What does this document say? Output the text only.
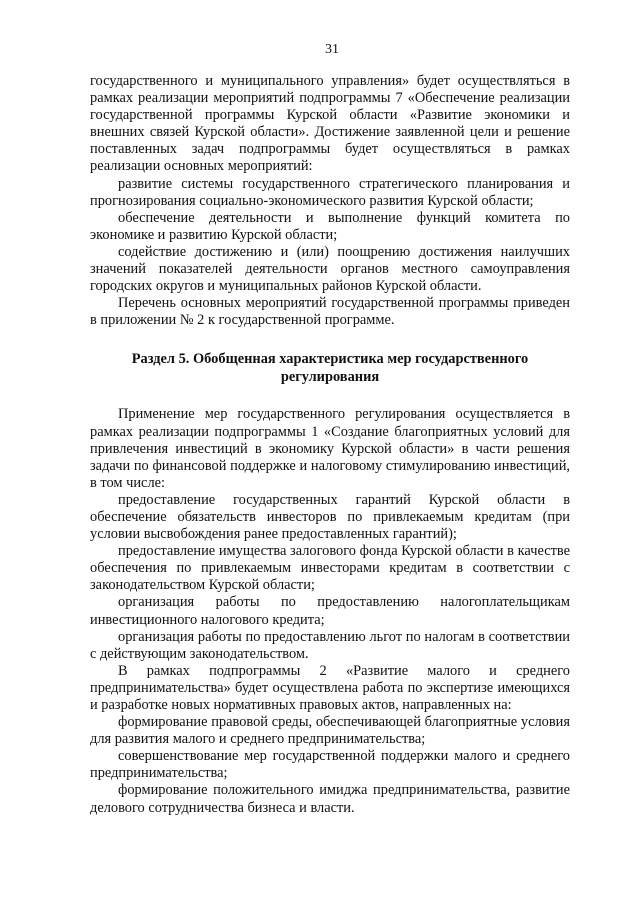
31

государственного и муниципального управления» будет осуществляться в рамках реализации мероприятий подпрограммы 7 «Обеспечение реализации государственной программы Курской области «Развитие экономики и внешних связей Курской области». Достижение заявленной цели и решение поставленных задач подпрограммы будет осуществляться в рамках реализации основных мероприятий:

развитие системы государственного стратегического планирования и прогнозирования социально-экономического развития Курской области;

обеспечение деятельности и выполнение функций комитета по экономике и развитию Курской области;

содействие достижению и (или) поощрению достижения наилучших значений показателей деятельности органов местного самоуправления городских округов и муниципальных районов Курской области.

Перечень основных мероприятий государственной программы приведен в приложении № 2 к государственной программе.

Раздел 5. Обобщенная характеристика мер государственного
регулирования

Применение мер государственного регулирования осуществляется в рамках реализации подпрограммы 1 «Создание благоприятных условий для привлечения инвестиций в экономику Курской области» в части решения задачи по финансовой поддержке и налоговому стимулированию инвестиций, в том числе:

предоставление государственных гарантий Курской области в обеспечение обязательств инвесторов по привлекаемым кредитам (при условии высвобождения ранее предоставленных гарантий);

предоставление имущества залогового фонда Курской области в качестве обеспечения по привлекаемым инвесторами кредитам в соответствии с законодательством Курской области;

организация работы по предоставлению налогоплательщикам инвестиционного налогового кредита;

организация работы по предоставлению льгот по налогам в соответствии с действующим законодательством.

В рамках подпрограммы 2 «Развитие малого и среднего предпринимательства» будет осуществлена работа по экспертизе имеющихся и разработке новых нормативных правовых актов, направленных на:

формирование правовой среды, обеспечивающей благоприятные условия для развития малого и среднего предпринимательства;

совершенствование мер государственной поддержки малого и среднего предпринимательства;

формирование положительного имиджа предпринимательства, развитие делового сотрудничества бизнеса и власти.
